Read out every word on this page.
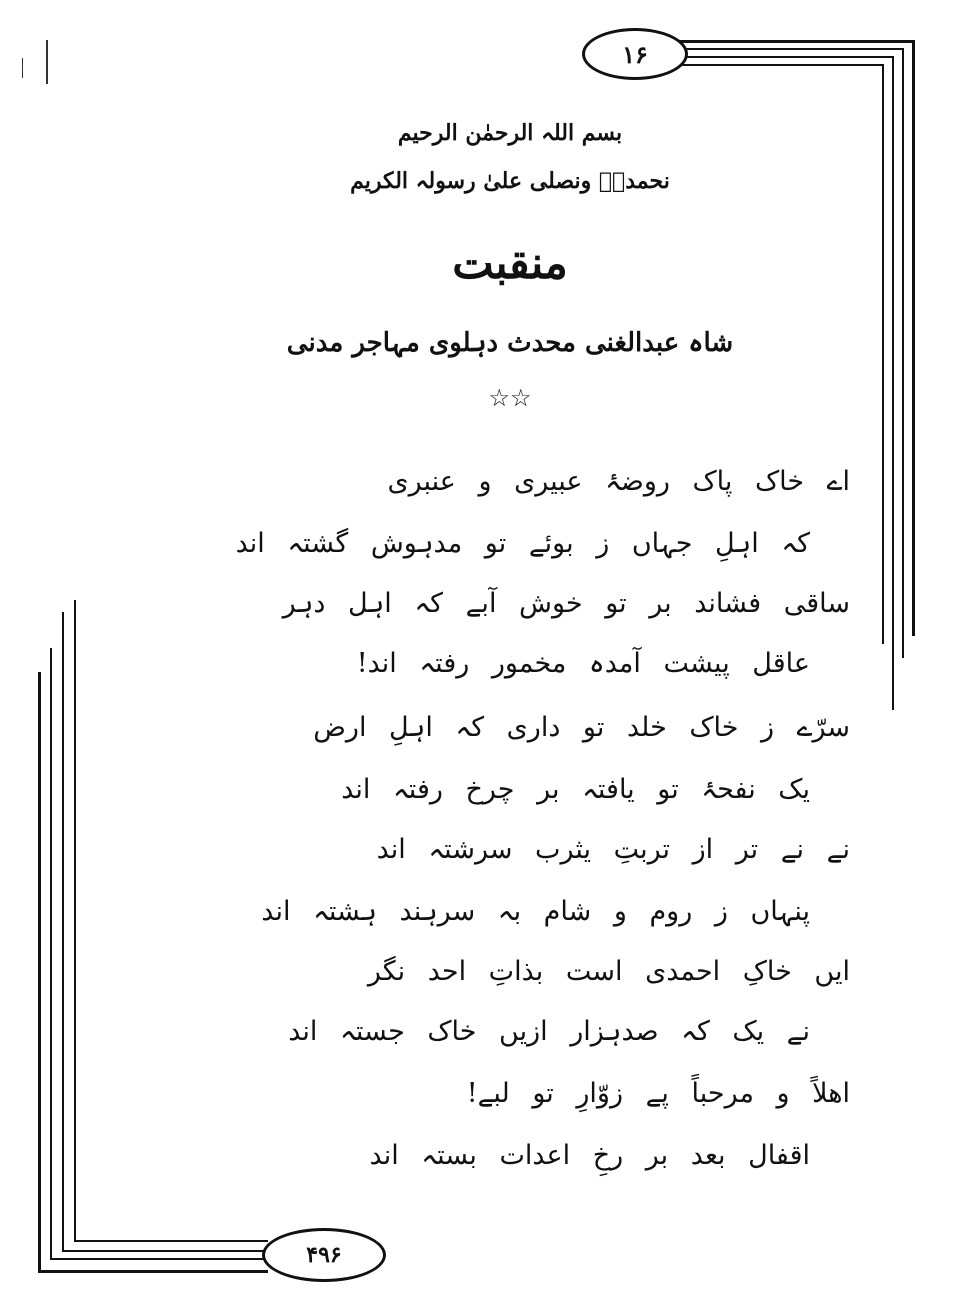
۱۶
۴۹۶
بسم اللہ الرحمٰن الرحیم
نحمدہٗ ونصلی علیٰ رسولہ الکریم
منقبت
شاہ عبدالغنی محدث دہلوی مہاجر مدنی
☆☆
اے خاک پاک روضۂ عبیری و عنبری
کہ اہلِ جہاں ز بوئے تو مدہوش گشتہ اند
ساقی فشاند بر تو خوش آبے کہ اہل دہر
عاقل پیشت آمدہ مخمور رفتہ اند!
سرّے ز خاک خلد تو داری کہ اہلِ ارض
یک نفحۂ تو یافتہ بر چرخ رفتہ اند
نے نے تر از تربتِ یثرب سرشتہ اند
پنہاں ز روم و شام بہ سرہند ہشتہ اند
ایں خاکِ احمدی است بذاتِ احد نگر
نے یک کہ صدہزار ازیں خاک جستہ اند
اھلاً و مرحباً پے زوّارِ تو لبے!
اقفال بعد بر رخِ اعدات بستہ اند
